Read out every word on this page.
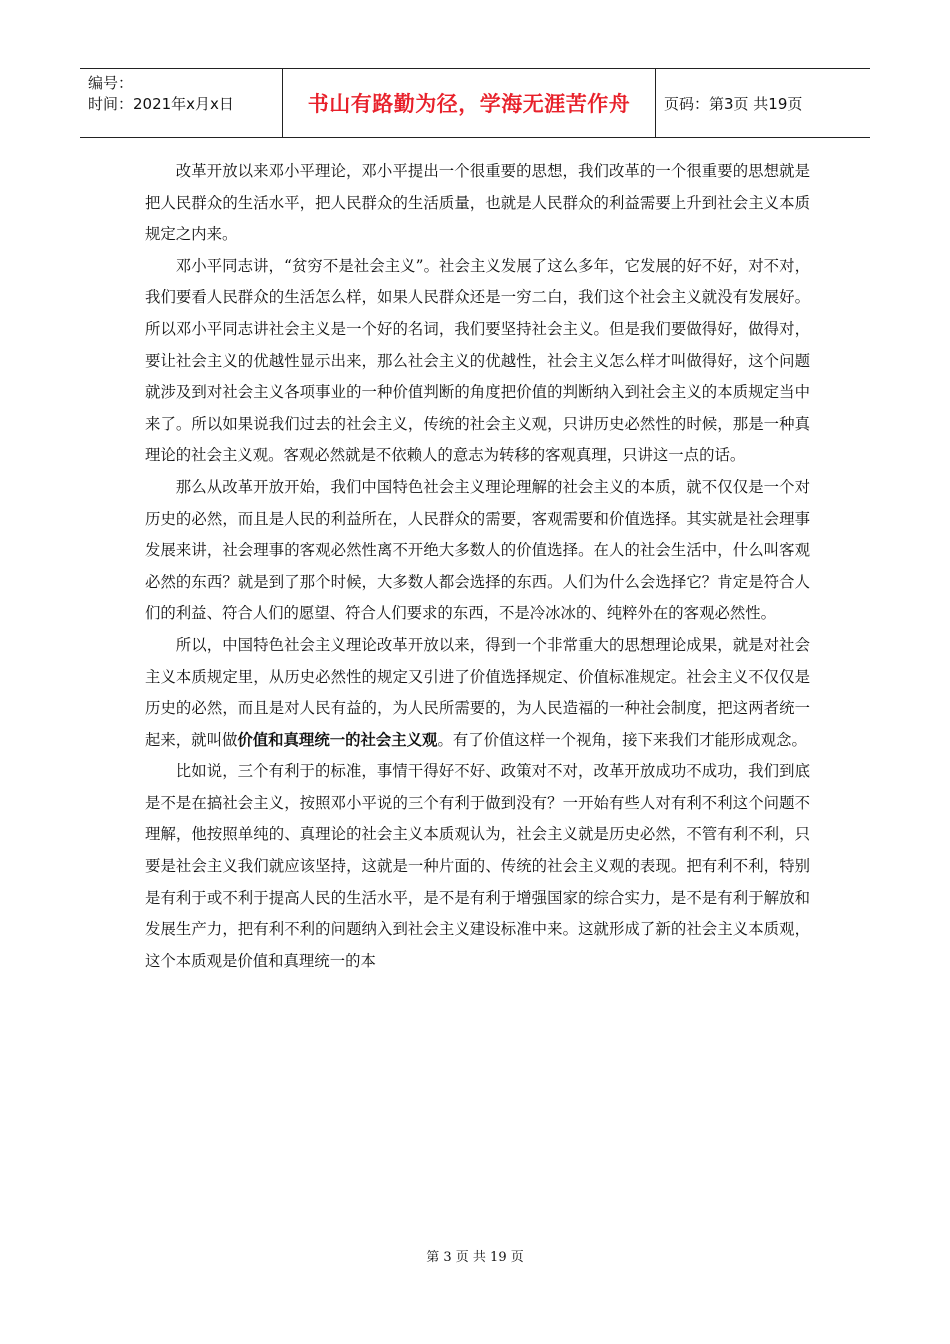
编号：
时间：2021年x月x日	书山有路勤为径，学海无涯苦作舟 页码：第3页 共19页

改革开放以来邓小平理论，邓小平提出一个很重要的思想，我们改革的一个很重要的思想就是把人民群众的生活水平，把人民群众的生活质量，也就是人民群众的利益需要上升到社会主义本质规定之内来。

邓小平同志讲，“贫穷不是社会主义”。社会主义发展了这么多年，它发展的好不好，对不对，我们要看人民群众的生活怎么样，如果人民群众还是一穷二白，我们这个社会主义就没有发展好。所以邓小平同志讲社会主义是一个好的名词，我们要坚持社会主义。但是我们要做得好，做得对，要让社会主义的优越性显示出来，那么社会主义的优越性，社会主义怎么样才叫做得好，这个问题就涉及到对社会主义各项事业的一种价值判断的角度把价值的判断纳入到社会主义的本质规定当中来了。所以如果说我们过去的社会主义，传统的社会主义观，只讲历史必然性的时候，那是一种真理论的社会主义观。客观必然就是不依赖人的意志为转移的客观真理，只讲这一点的话。

那么从改革开放开始，我们中国特色社会主义理论理解的社会主义的本质，就不仅仅是一个对历史的必然，而且是人民的利益所在，人民群众的需要，客观需要和价值选择。其实就是社会理事发展来讲，社会理事的客观必然性离不开绝大多数人的价值选择。在人的社会生活中，什么叫客观必然的东西？就是到了那个时候，大多数人都会选择的东西。人们为什么会选择它？肯定是符合人们的利益、符合人们的愿望、符合人们要求的东西，不是冷冰冰的、纯粹外在的客观必然性。

所以，中国特色社会主义理论改革开放以来，得到一个非常重大的思想理论成果，就是对社会主义本质规定里，从历史必然性的规定又引进了价值选择规定、价值标准规定。社会主义不仅仅是历史的必然，而且是对人民有益的，为人民所需要的，为人民造福的一种社会制度，把这两者统一起来，就叫做价值和真理统一的社会主义观。有了价值这样一个视角，接下来我们才能形成观念。

比如说，三个有利于的标准，事情干得好不好、政策对不对，改革开放成功不成功，我们到底是不是在搞社会主义，按照邓小平说的三个有利于做到没有？一开始有些人对有利不利这个问题不理解，他按照单纯的、真理论的社会主义本质观认为，社会主义就是历史必然，不管有利不利，只要是社会主义我们就应该坚持，这就是一种片面的、传统的社会主义观的表现。把有利不利，特别是有利于或不利于提高人民的生活水平，是不是有利于增强国家的综合实力，是不是有利于解放和发展生产力，把有利不利的问题纳入到社会主义建设标准中来。这就形成了新的社会主义本质观，这个本质观是价值和真理统一的本

第 3 页 共 19 页
